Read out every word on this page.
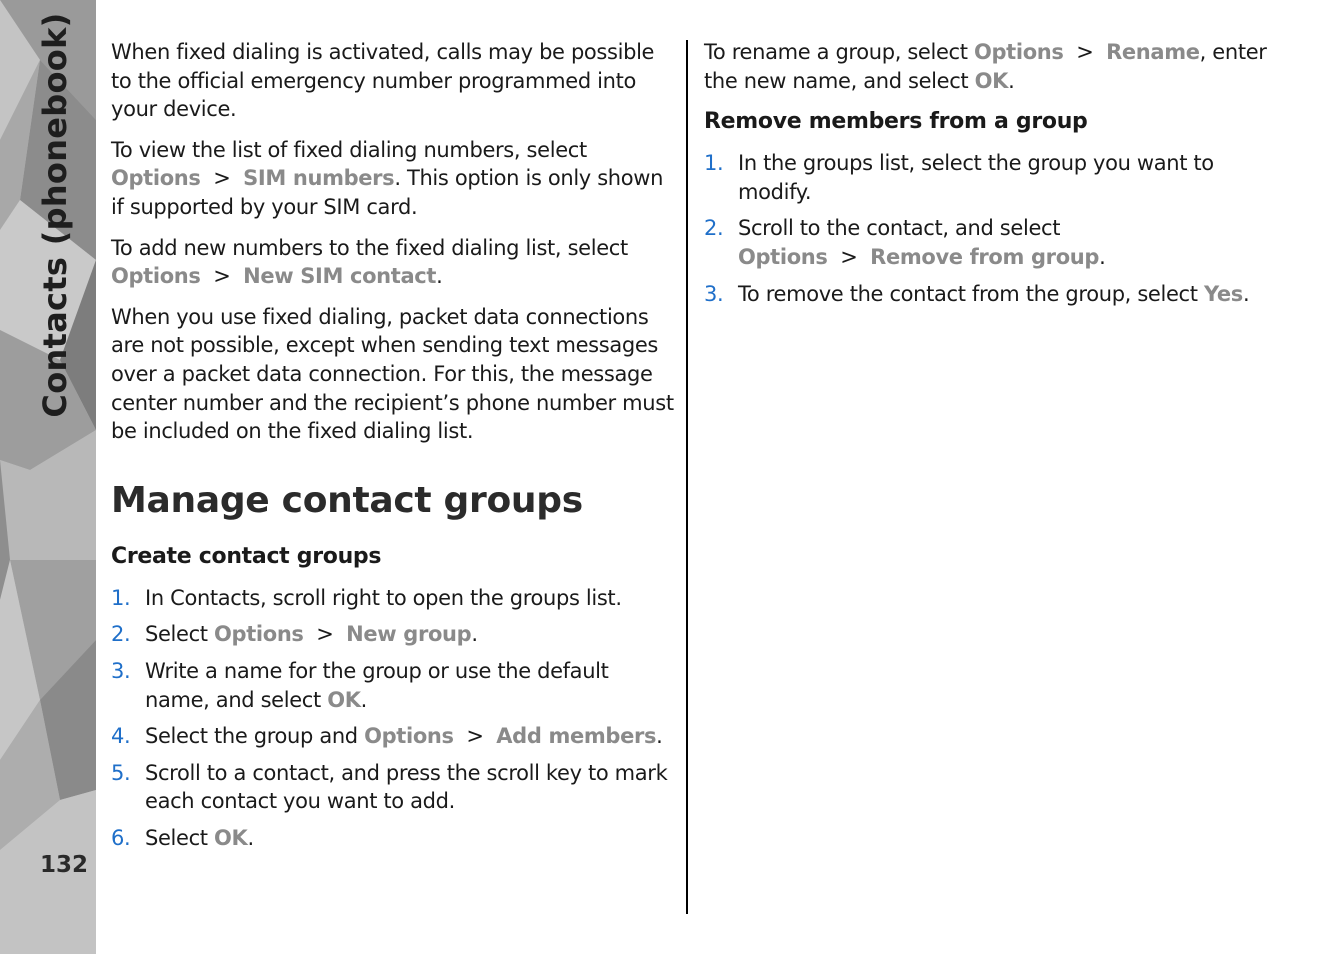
Contacts (phonebook)
132

When fixed dialing is activated, calls may be possible to the official emergency number programmed into your device.

To view the list of fixed dialing numbers, select Options > SIM numbers. This option is only shown if supported by your SIM card.

To add new numbers to the fixed dialing list, select Options > New SIM contact.

When you use fixed dialing, packet data connections are not possible, except when sending text messages over a packet data connection. For this, the message center number and the recipient’s phone number must be included on the fixed dialing list.

Manage contact groups
Create contact groups
1. In Contacts, scroll right to open the groups list.
2. Select Options > New group.
3. Write a name for the group or use the default name, and select OK.
4. Select the group and Options > Add members.
5. Scroll to a contact, and press the scroll key to mark each contact you want to add.
6. Select OK.

To rename a group, select Options > Rename, enter the new name, and select OK.

Remove members from a group
1. In the groups list, select the group you want to modify.
2. Scroll to the contact, and select Options > Remove from group.
3. To remove the contact from the group, select Yes.
